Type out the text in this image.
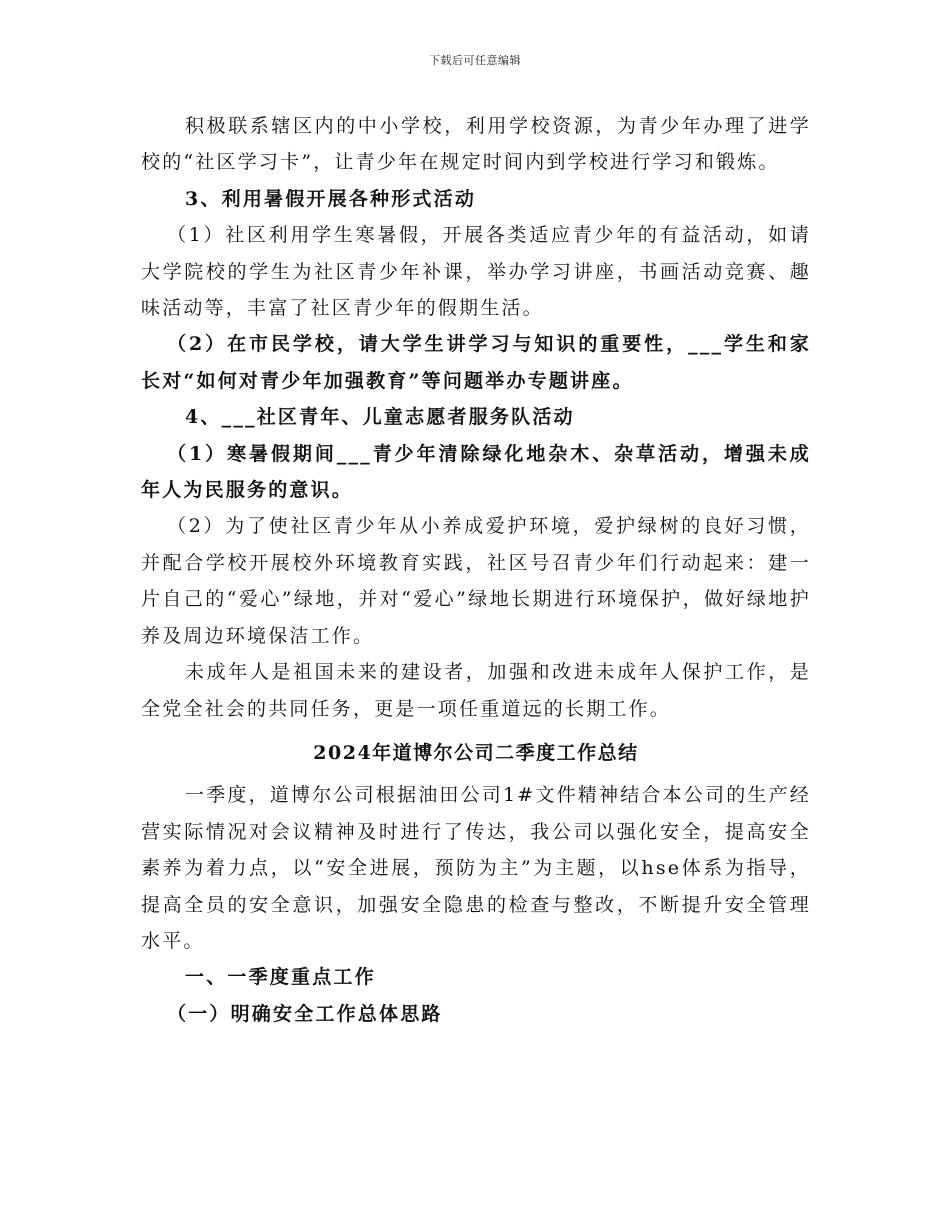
下载后可任意编辑

积极联系辖区内的中小学校，利用学校资源，为青少年办理了进学校的“社区学习卡”，让青少年在规定时间内到学校进行学习和锻炼。

3、利用暑假开展各种形式活动

（1）社区利用学生寒暑假，开展各类适应青少年的有益活动，如请大学院校的学生为社区青少年补课，举办学习讲座，书画活动竞赛、趣味活动等，丰富了社区青少年的假期生活。

（2）在市民学校，请大学生讲学习与知识的重要性，___学生和家长对“如何对青少年加强教育”等问题举办专题讲座。

4、___社区青年、儿童志愿者服务队活动

（1）寒暑假期间___青少年清除绿化地杂木、杂草活动，增强未成年人为民服务的意识。

（2）为了使社区青少年从小养成爱护环境，爱护绿树的良好习惯，并配合学校开展校外环境教育实践，社区号召青少年们行动起来：建一片自己的“爱心”绿地，并对“爱心”绿地长期进行环境保护，做好绿地护养及周边环境保洁工作。

未成年人是祖国未来的建设者，加强和改进未成年人保护工作，是全党全社会的共同任务，更是一项任重道远的长期工作。

2024年道博尔公司二季度工作总结

一季度，道博尔公司根据油田公司1#文件精神结合本公司的生产经营实际情况对会议精神及时进行了传达，我公司以强化安全，提高安全素养为着力点，以“安全进展，预防为主”为主题，以hse体系为指导，提高全员的安全意识，加强安全隐患的检查与整改，不断提升安全管理水平。

一、一季度重点工作

（一）明确安全工作总体思路
